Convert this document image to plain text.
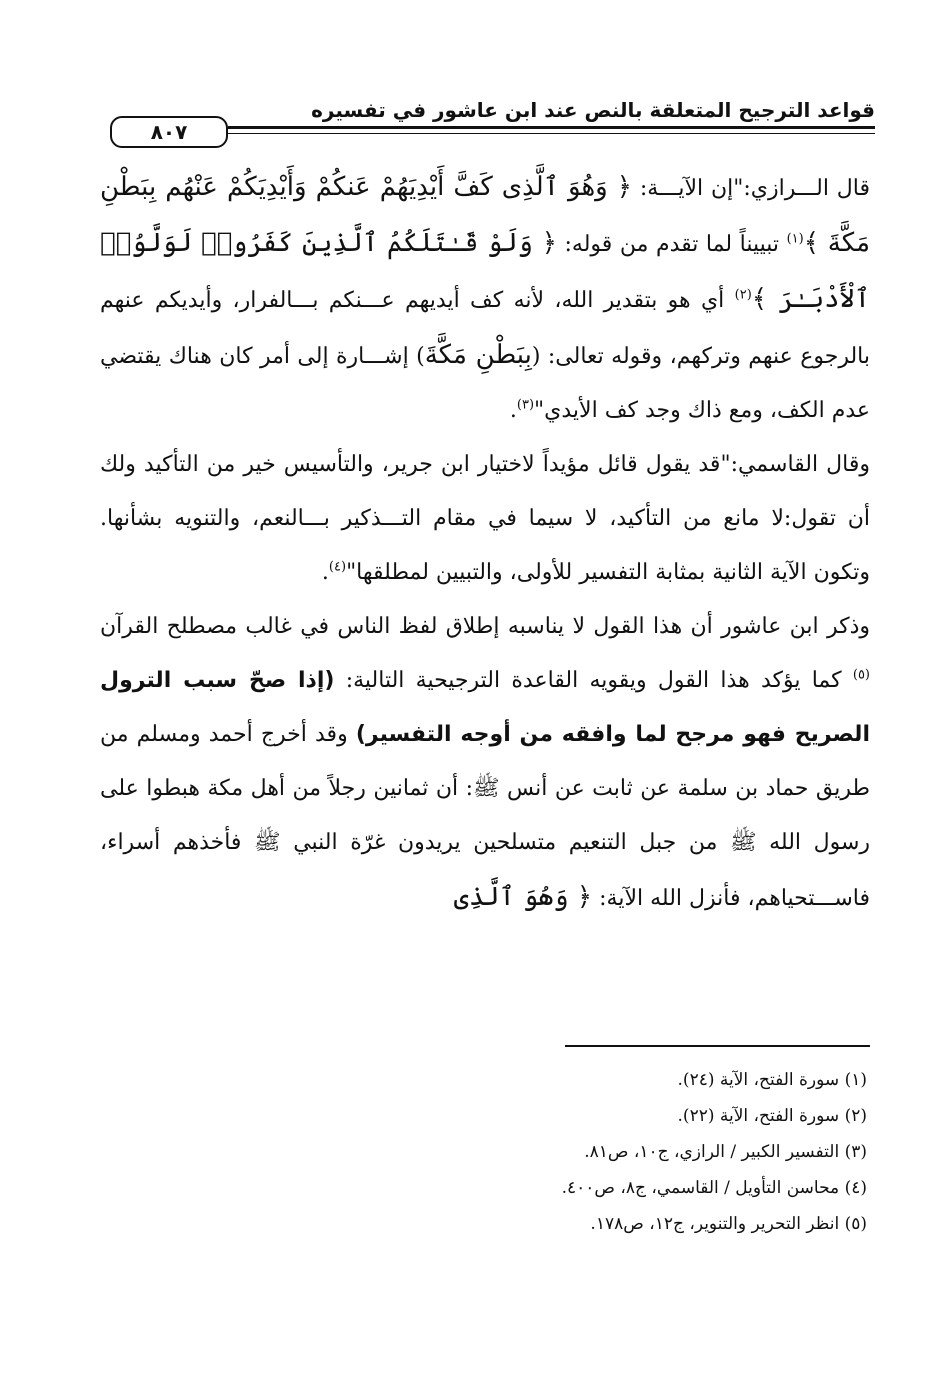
قواعد الترجيح المتعلقة بالنص عند ابن عاشور في تفسيره
٨٠٧

قال الـــرازي:"إن الآيـــة: ﴿ وَهُوَ ٱلَّذِى كَفَّ أَيْدِيَهُمْ عَنكُمْ وَأَيْدِيَكُمْ عَنْهُم بِبَطْنِ مَكَّةَ ﴾$^{(١)}$ تبييناً لما تقدم من قوله: ﴿ وَلَوْ قَـٰتَلَكُمُ ٱلَّذِينَ كَفَرُوا۟ لَوَلَّوُا۟ ٱلْأَدْبَـٰرَ ﴾$^{(٢)}$ أي هو بتقدير الله، لأنه كف أيديهم عـــنكم بـــالفرار، وأيديكم عنهم بالرجوع عنهم وتركهم، وقوله تعالى: (بِبَطْنِ مَكَّةَ) إشـــارة إلى أمر كان هناك يقتضي عدم الكف، ومع ذاك وجد كف الأيدي"$^{(٣)}$.

وقال القاسمي:"قد يقول قائل مؤيداً لاختيار ابن جرير، والتأسيس خير من التأكيد ولك أن تقول:لا مانع من التأكيد، لا سيما في مقام التـــذكير بـــالنعم، والتنويه بشأنها. وتكون الآية الثانية بمثابة التفسير للأولى، والتبيين لمطلقها"$^{(٤)}$.

وذكر ابن عاشور أن هذا القول لا يناسبه إطلاق لفظ الناس في غالب مصطلح القرآن $^{(٥)}$ كما يؤكد هذا القول ويقويه القاعدة الترجيحية التالية: (إذا صحّ سبب الترول الصريح فهو مرجح لما وافقه من أوجه التفسير) وقد أخرج أحمد ومسلم من طريق حماد بن سلمة عن ثابت عن أنس ﷺ: أن ثمانين رجلاً من أهل مكة هبطوا على رسول الله ﷺ من جبل التنعيم متسلحين يريدون غرّة النبي ﷺ فأخذهم أسراء، فاســـتحياهم، فأنزل الله الآية: ﴿ وَهُوَ ٱلَّذِى

(١) سورة الفتح، الآية (٢٤).
(٢) سورة الفتح، الآية (٢٢).
(٣) التفسير الكبير / الرازي، ج١٠، ص٨١.
(٤) محاسن التأويل / القاسمي، ج٨، ص٤٠٠.
(٥) انظر التحرير والتنوير، ج١٢، ص١٧٨.
